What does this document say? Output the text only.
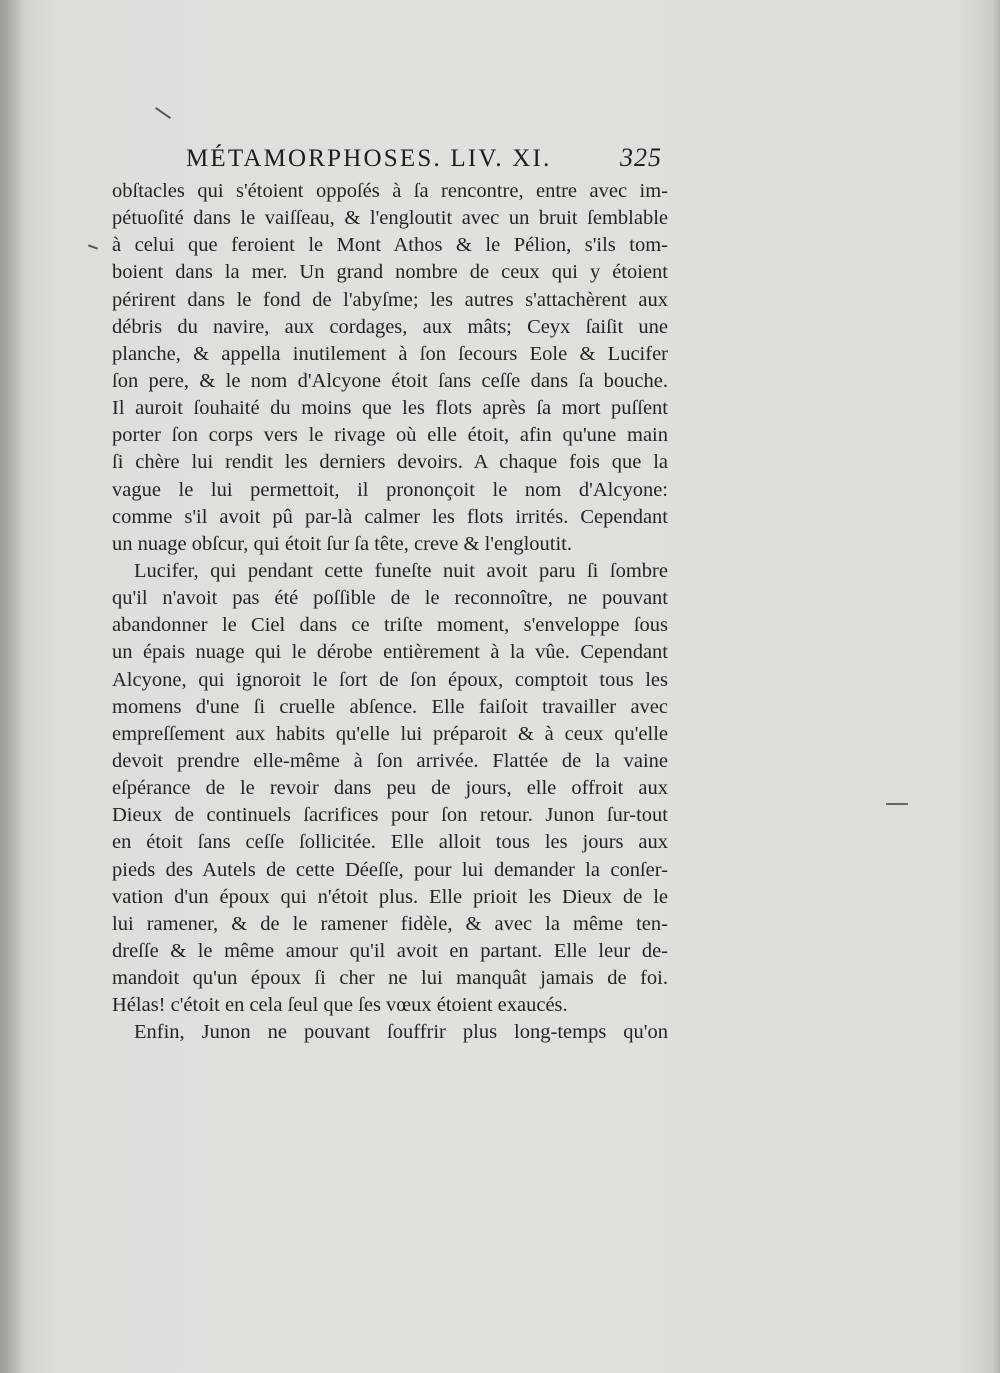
MÉTAMORPHOSES. LIV. XI.	325
obſtacles qui s'étoient oppoſés à ſa rencontre, entre avec im-
pétuoſité dans le vaiſſeau, & l'engloutit avec un bruit ſemblable
à celui que feroient le Mont Athos & le Pélion, s'ils tom-
boient dans la mer. Un grand nombre de ceux qui y étoient
périrent dans le fond de l'abyſme; les autres s'attachèrent aux
débris du navire, aux cordages, aux mâts; Ceyx ſaiſit une
planche, & appella inutilement à ſon ſecours Eole & Lucifer
ſon pere, & le nom d'Alcyone étoit ſans ceſſe dans ſa bouche.
Il auroit ſouhaité du moins que les flots après ſa mort puſſent
porter ſon corps vers le rivage où elle étoit, afin qu'une main
ſi chère lui rendit les derniers devoirs. A chaque fois que la
vague le lui permettoit, il prononçoit le nom d'Alcyone:
comme s'il avoit pû par-là calmer les flots irrités. Cependant
un nuage obſcur, qui étoit ſur ſa tête, creve & l'engloutit.
Lucifer, qui pendant cette funeſte nuit avoit paru ſi ſombre
qu'il n'avoit pas été poſſible de le reconnoître, ne pouvant
abandonner le Ciel dans ce triſte moment, s'enveloppe ſous
un épais nuage qui le dérobe entièrement à la vûe. Cependant
Alcyone, qui ignoroit le ſort de ſon époux, comptoit tous les
momens d'une ſi cruelle abſence. Elle faiſoit travailler avec
empreſſement aux habits qu'elle lui préparoit & à ceux qu'elle
devoit prendre elle-même à ſon arrivée. Flattée de la vaine
eſpérance de le revoir dans peu de jours, elle offroit aux
Dieux de continuels ſacrifices pour ſon retour. Junon ſur-tout
en étoit ſans ceſſe ſollicitée. Elle alloit tous les jours aux
pieds des Autels de cette Déeſſe, pour lui demander la conſer-
vation d'un époux qui n'étoit plus. Elle prioit les Dieux de le
lui ramener, & de le ramener fidèle, & avec la même ten-
dreſſe & le même amour qu'il avoit en partant. Elle leur de-
mandoit qu'un époux ſi cher ne lui manquât jamais de foi.
Hélas! c'étoit en cela ſeul que ſes vœux étoient exaucés.
Enfin, Junon ne pouvant ſouffrir plus long-temps qu'on
